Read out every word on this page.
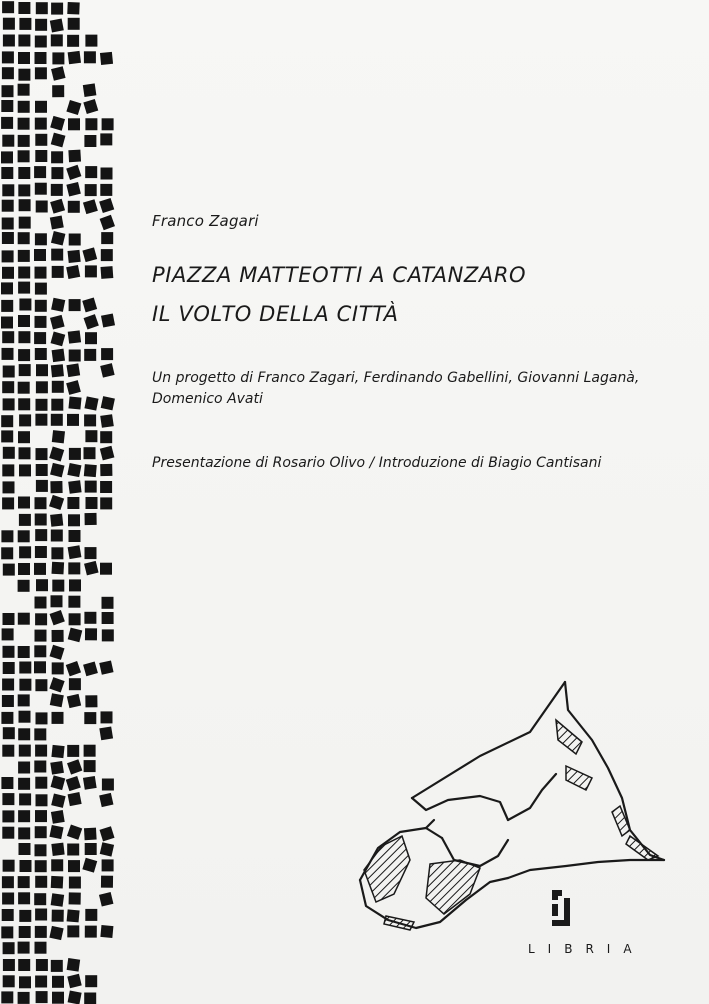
Franco Zagari
PIAZZA MATTEOTTI A CATANZARO
IL VOLTO DELLA CITTÀ
Un progetto di Franco Zagari, Ferdinando Gabellini, Giovanni Laganà, Domenico Avati
Presentazione di Rosario Olivo / Introduzione di Biagio Cantisani
LIBRIA
